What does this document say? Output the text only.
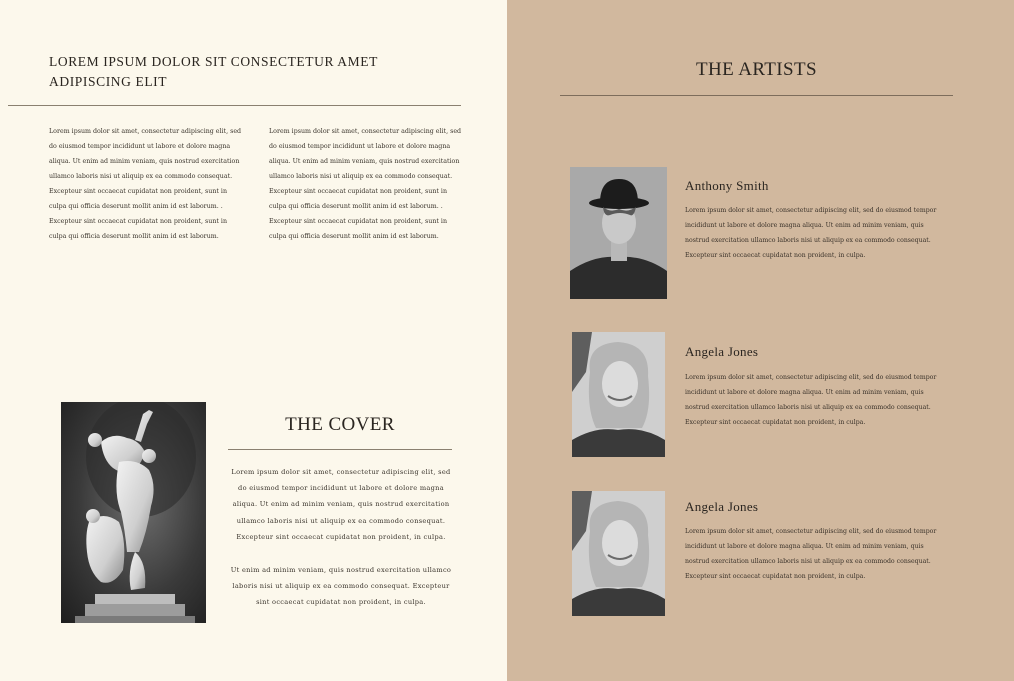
LOREM IPSUM DOLOR SIT CONSECTETUR AMET ADIPISCING ELIT

Lorem ipsum dolor sit amet, consectetur adipiscing elit, sed do eiusmod tempor incididunt ut labore et dolore magna aliqua. Ut enim ad minim veniam, quis nostrud exercitation ullamco laboris nisi ut aliquip ex ea commodo consequat. Excepteur sint occaecat cupidatat non proident, sunt in culpa qui officia deserunt mollit anim id est laborum. . Excepteur sint occaecat cupidatat non proident, sunt in culpa qui officia deserunt mollit anim id est laborum.

Lorem ipsum dolor sit amet, consectetur adipiscing elit, sed do eiusmod tempor incididunt ut labore et dolore magna aliqua. Ut enim ad minim veniam, quis nostrud exercitation ullamco laboris nisi ut aliquip ex ea commodo consequat. Excepteur sint occaecat cupidatat non proident, sunt in culpa qui officia deserunt mollit anim id est laborum. . Excepteur sint occaecat cupidatat non proident, sunt in culpa qui officia deserunt mollit anim id est laborum.

THE COVER

Lorem ipsum dolor sit amet, consectetur adipiscing elit, sed do eiusmod tempor incididunt ut labore et dolore magna aliqua. Ut enim ad minim veniam, quis nostrud exercitation ullamco laboris nisi ut aliquip ex ea commodo consequat. Excepteur sint occaecat cupidatat non proident, in culpa.

Ut enim ad minim veniam, quis nostrud exercitation ullamco laboris nisi ut aliquip ex ea commodo consequat. Excepteur sint occaecat cupidatat non proident, in culpa.

THE ARTISTS
Anthony Smith

Lorem ipsum dolor sit amet, consectetur adipiscing elit, sed do eiusmod tempor incididunt ut labore et dolore magna aliqua. Ut enim ad minim veniam, quis nostrud exercitation ullamco laboris nisi ut aliquip ex ea commodo consequat. Excepteur sint occaecat cupidatat non proident, in culpa.

Angela Jones

Lorem ipsum dolor sit amet, consectetur adipiscing elit, sed do eiusmod tempor incididunt ut labore et dolore magna aliqua. Ut enim ad minim veniam, quis nostrud exercitation ullamco laboris nisi ut aliquip ex ea commodo consequat. Excepteur sint occaecat cupidatat non proident, in culpa.

Angela Jones

Lorem ipsum dolor sit amet, consectetur adipiscing elit, sed do eiusmod tempor incididunt ut labore et dolore magna aliqua. Ut enim ad minim veniam, quis nostrud exercitation ullamco laboris nisi ut aliquip ex ea commodo consequat. Excepteur sint occaecat cupidatat non proident, in culpa.
